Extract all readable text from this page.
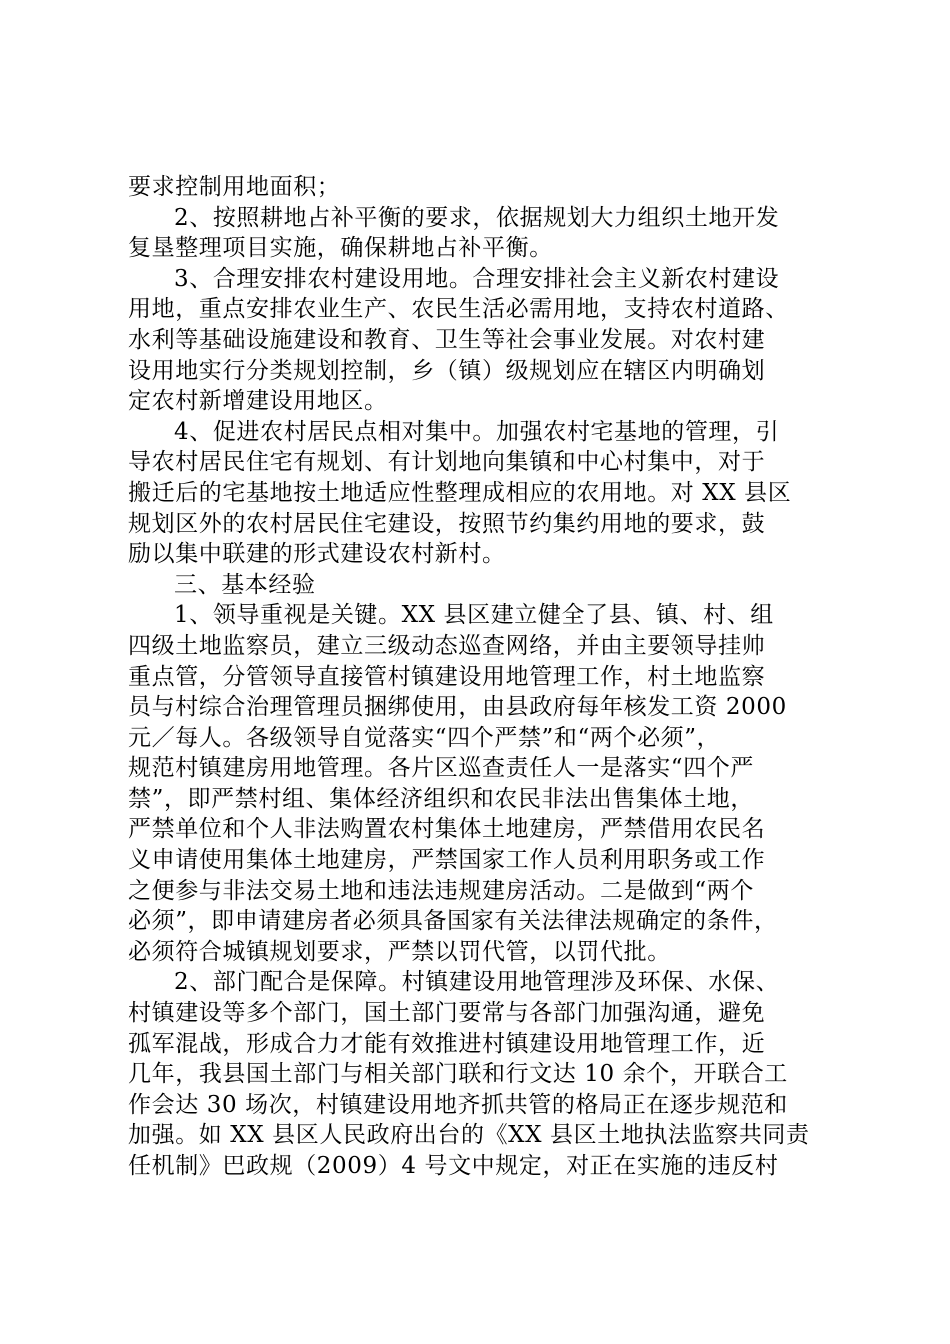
要求控制用地面积；
2、按照耕地占补平衡的要求，依据规划大力组织土地开发
复垦整理项目实施，确保耕地占补平衡。
3、合理安排农村建设用地。合理安排社会主义新农村建设
用地，重点安排农业生产、农民生活必需用地，支持农村道路、
水利等基础设施建设和教育、卫生等社会事业发展。对农村建
设用地实行分类规划控制，乡（镇）级规划应在辖区内明确划
定农村新增建设用地区。
4、促进农村居民点相对集中。加强农村宅基地的管理，引
导农村居民住宅有规划、有计划地向集镇和中心村集中，对于
搬迁后的宅基地按土地适应性整理成相应的农用地。对 XX 县区
规划区外的农村居民住宅建设，按照节约集约用地的要求，鼓
励以集中联建的形式建设农村新村。
三、基本经验
1、领导重视是关键。XX 县区建立健全了县、镇、村、组
四级土地监察员，建立三级动态巡查网络，并由主要领导挂帅
重点管，分管领导直接管村镇建设用地管理工作，村土地监察
员与村综合治理管理员捆绑使用，由县政府每年核发工资 2000
元／每人。各级领导自觉落实“四个严禁”和“两个必须”，
规范村镇建房用地管理。各片区巡查责任人一是落实“四个严
禁”，即严禁村组、集体经济组织和农民非法出售集体土地，
严禁单位和个人非法购置农村集体土地建房，严禁借用农民名
义申请使用集体土地建房，严禁国家工作人员利用职务或工作
之便参与非法交易土地和违法违规建房活动。二是做到“两个
必须”，即申请建房者必须具备国家有关法律法规确定的条件，
必须符合城镇规划要求，严禁以罚代管，以罚代批。
2、部门配合是保障。村镇建设用地管理涉及环保、水保、
村镇建设等多个部门，国土部门要常与各部门加强沟通，避免
孤军混战，形成合力才能有效推进村镇建设用地管理工作，近
几年，我县国土部门与相关部门联和行文达 10 余个，开联合工
作会达 30 场次，村镇建设用地齐抓共管的格局正在逐步规范和
加强。如 XX 县区人民政府出台的《XX 县区土地执法监察共同责
任机制》巴政规（2009）4 号文中规定，对正在实施的违反村
